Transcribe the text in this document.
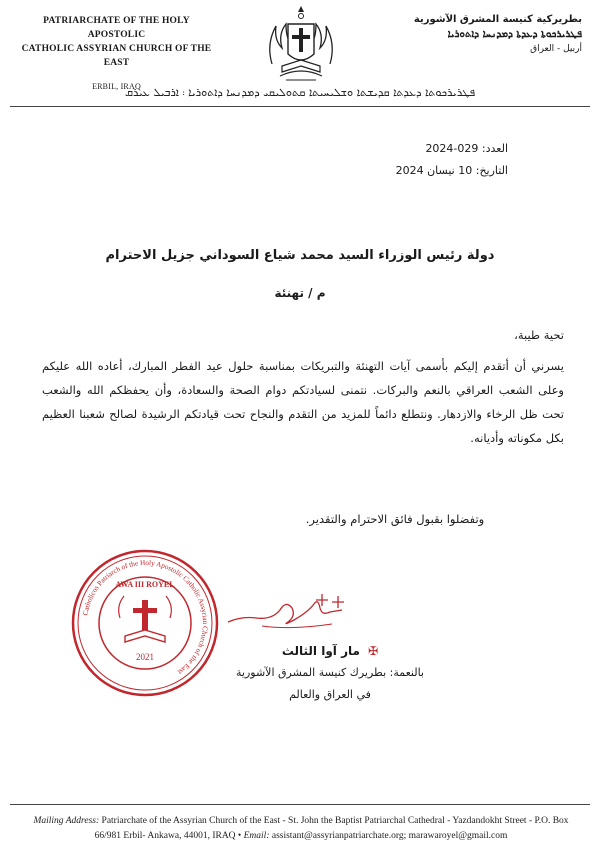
PATRIARCHATE OF THE HOLY APOSTOLIC
CATHOLIC ASSYRIAN CHURCH OF THE EAST
ERBIL, IRAQ
بطريركية كنيسة المشرق الآشورية
ܦܛܪܝܪܟܘܬܐ ܕܥܕܬܐ ܕܡܕܢܚܐ ܕܐܬܘܪܝܐ
أربيل - العراق
ܦܛܪܝܪܟܘܬܐ ܕܥܕܬܐ ܩܕܝܫܬܐ ܘܫܠܝܚܝܬܐ ܩܬܘܠܝܩܝ ܕܡܕܢܚܐ ܕܐܬܘܪܝܐ ܃ ܐܪܒܝܠ ܥܝܪܩ
العدد: 2024-029
التاريخ: 10 نيسان 2024
دولة رئيس الوزراء السيد محمد شياع السوداني جزيل الاحترام
م / تهنئة
تحية طيبة،
يسرني أن أتقدم إليكم بأسمى آيات التهنئة والتبريكات بمناسبة حلول عيد الفطر المبارك، أعاده الله عليكم وعلى الشعب العراقي بالنعم والبركات. نتمنى لسيادتكم دوام الصحة والسعادة، وأن يحفظكم الله والشعب تحت ظل الرخاء والازدهار. ونتطلع دائماً للمزيد من التقدم والنجاح تحت قيادتكم الرشيدة لصالح شعبنا العظيم بكل مكوناته وأديانه.
وتفضلوا بقبول فائق الاحترام والتقدير.
Catholicos Patriarch of the Holy Apostolic Catholic Assyrian Church of the East
AWA III ROYEL
2021	✠ مار آوا الثالث
بالنعمة: بطريرك كنيسة المشرق الآشورية
في العراق والعالم
Mailing Address: Patriarchate of the Assyrian Church of the East - St. John the Baptist Patriarchal Cathedral - Yazdandokht Street - P.O. Box
66/981 Erbil- Ankawa, 44001, IRAQ • Email: assistant@assyrianpatriarchate.org; marawaroyel@gmail.com
